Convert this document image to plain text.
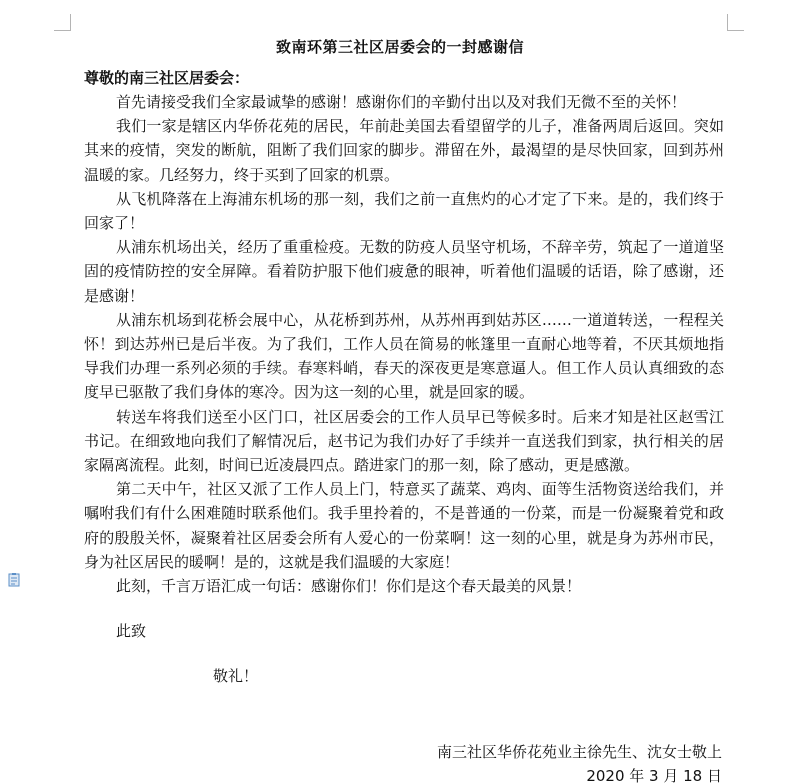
致南环第三社区居委会的一封感谢信
尊敬的南三社区居委会：

首先请接受我们全家最诚挚的感谢！感谢你们的辛勤付出以及对我们无微不至的关怀！

我们一家是辖区内华侨花苑的居民，年前赴美国去看望留学的儿子，准备两周后返回。突如其来的疫情，突发的断航，阻断了我们回家的脚步。滞留在外，最渴望的是尽快回家，回到苏州温暖的家。几经努力，终于买到了回家的机票。

从飞机降落在上海浦东机场的那一刻，我们之前一直焦灼的心才定了下来。是的，我们终于回家了！

从浦东机场出关，经历了重重检疫。无数的防疫人员坚守机场，不辞辛劳，筑起了一道道坚固的疫情防控的安全屏障。看着防护服下他们疲惫的眼神，听着他们温暖的话语，除了感谢，还是感谢！

从浦东机场到花桥会展中心，从花桥到苏州，从苏州再到姑苏区……一道道转送，一程程关怀！到达苏州已是后半夜。为了我们，工作人员在简易的帐篷里一直耐心地等着，不厌其烦地指导我们办理一系列必须的手续。春寒料峭，春天的深夜更是寒意逼人。但工作人员认真细致的态度早已驱散了我们身体的寒冷。因为这一刻的心里，就是回家的暖。

转送车将我们送至小区门口，社区居委会的工作人员早已等候多时。后来才知是社区赵雪江书记。在细致地向我们了解情况后，赵书记为我们办好了手续并一直送我们到家，执行相关的居家隔离流程。此刻，时间已近凌晨四点。踏进家门的那一刻，除了感动，更是感激。

第二天中午，社区又派了工作人员上门，特意买了蔬菜、鸡肉、面等生活物资送给我们，并嘱咐我们有什么困难随时联系他们。我手里拎着的，不是普通的一份菜，而是一份凝聚着党和政府的殷殷关怀，凝聚着社区居委会所有人爱心的一份菜啊！这一刻的心里，就是身为苏州市民，身为社区居民的暖啊！是的，这就是我们温暖的大家庭！

此刻，千言万语汇成一句话：感谢你们！你们是这个春天最美的风景！

此致
敬礼！
南三社区华侨花苑业主徐先生、沈女士敬上
2020 年 3 月 18 日
